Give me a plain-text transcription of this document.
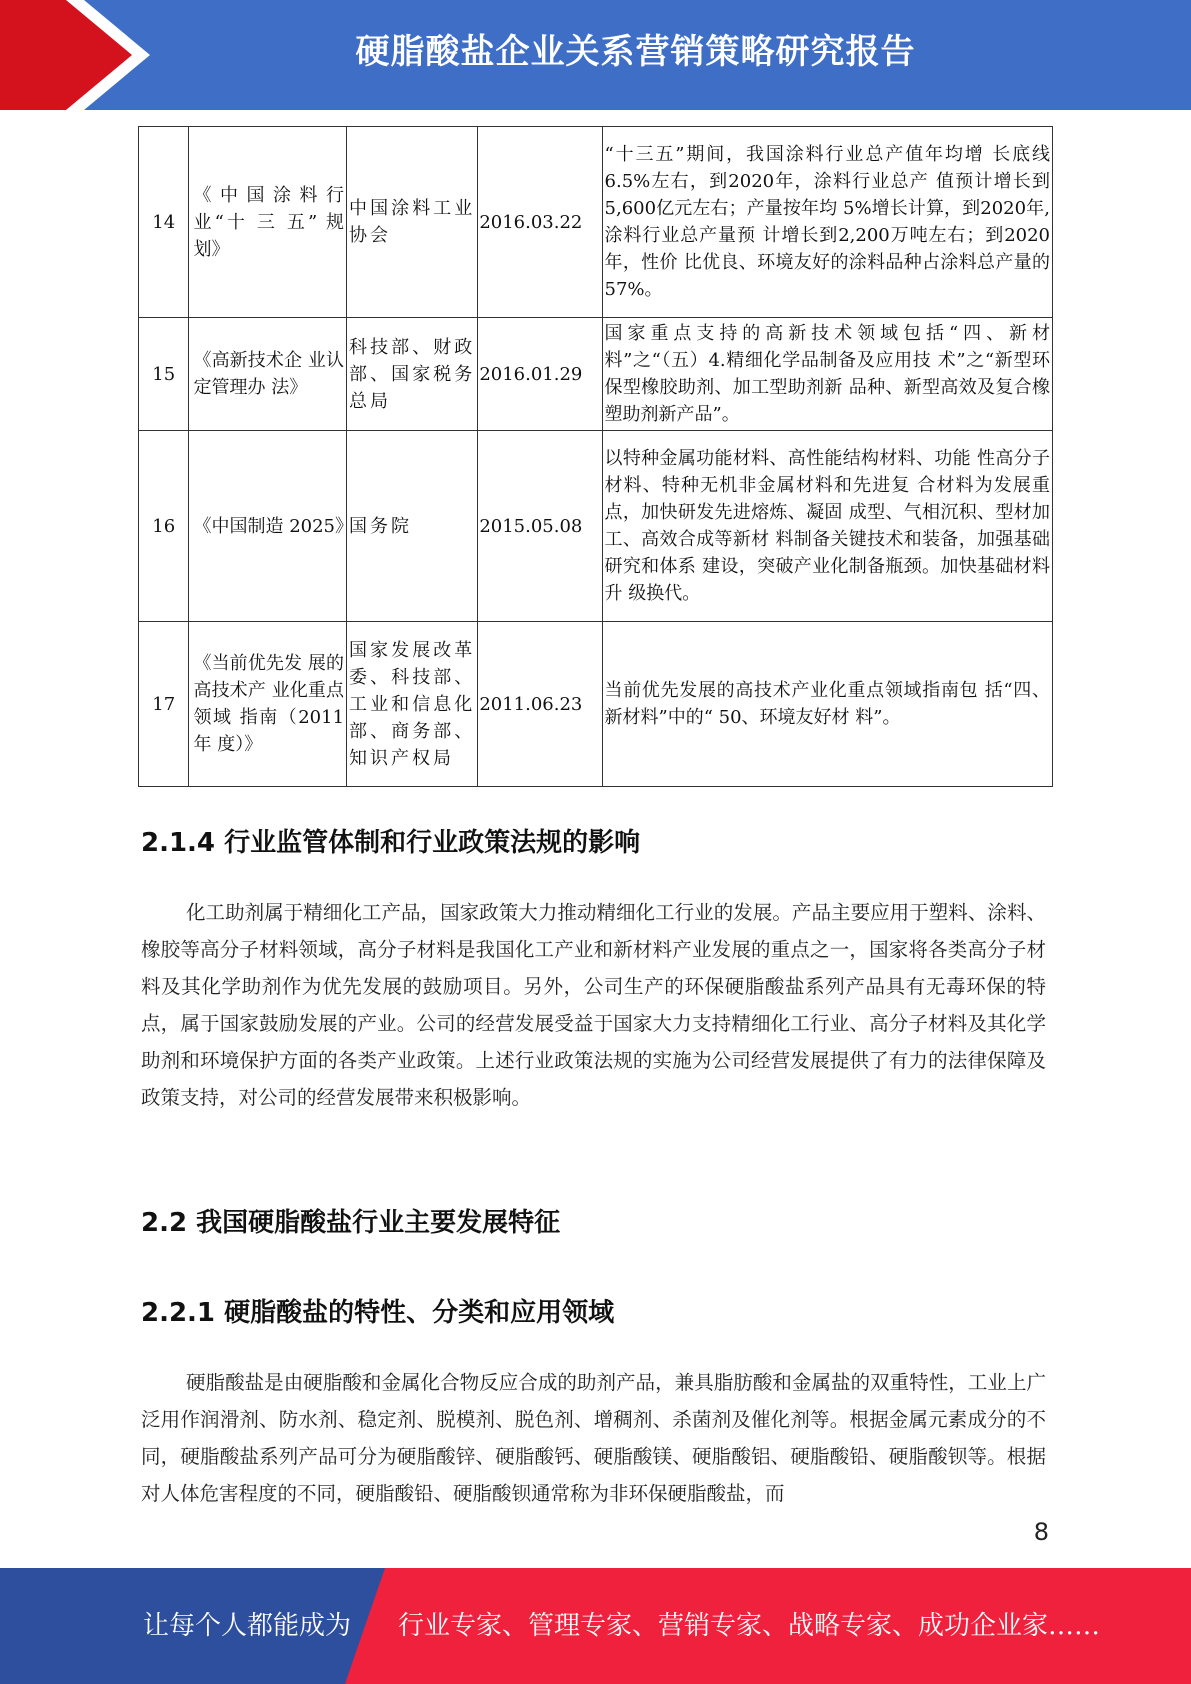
硬脂酸盐企业关系营销策略研究报告
14	《中国涂料行 业“十 三 五” 规划》	中国涂料工业协会	2016.03.22	“十三五”期间，我国涂料行业总产值年均增 长底线6.5%左右，到2020年，涂料行业总产 值预计增长到5,600亿元左右；产量按年均 5%增长计算，到2020年,涂料行业总产量预 计增长到2,200万吨左右；到2020年，性价 比优良、环境友好的涂料品种占涂料总产量的 57%。
15	《高新技术企 业认定管理办 法》	科技部、财政部、国家税务总局	2016.01.29	国家重点支持的高新技术领域包括“四、新材 料”之“（五）4.精细化学品制备及应用技 术”之“新型环保型橡胶助剂、加工型助剂新 品种、新型高效及复合橡塑助剂新产品”。
16	《中国制造 2025》	国务院	2015.05.08	以特种金属功能材料、高性能结构材料、功能 性高分子材料、特种无机非金属材料和先进复 合材料为发展重点，加快研发先进熔炼、凝固 成型、气相沉积、型材加工、高效合成等新材 料制备关键技术和装备，加强基础研究和体系 建设，突破产业化制备瓶颈。加快基础材料升 级换代。
17	《当前优先发 展的高技术产 业化重点领域 指南（2011年 度）》	国家发展改革委、科技部、工业和信息化部、商务部、知识产权局	2011.06.23	当前优先发展的高技术产业化重点领域指南包 括“四、新材料”中的“ 50、环境友好材 料”。
2.1.4 行业监管体制和行业政策法规的影响
化工助剂属于精细化工产品，国家政策大力推动精细化工行业的发展。产品主要应用于塑料、涂料、橡胶等高分子材料领域，高分子材料是我国化工产业和新材料产业发展的重点之一，国家将各类高分子材料及其化学助剂作为优先发展的鼓励项目。另外，公司生产的环保硬脂酸盐系列产品具有无毒环保的特点，属于国家鼓励发展的产业。公司的经营发展受益于国家大力支持精细化工行业、高分子材料及其化学助剂和环境保护方面的各类产业政策。上述行业政策法规的实施为公司经营发展提供了有力的法律保障及政策支持，对公司的经营发展带来积极影响。
2.2 我国硬脂酸盐行业主要发展特征
2.2.1 硬脂酸盐的特性、分类和应用领域
硬脂酸盐是由硬脂酸和金属化合物反应合成的助剂产品，兼具脂肪酸和金属盐的双重特性，工业上广泛用作润滑剂、防水剂、稳定剂、脱模剂、脱色剂、增稠剂、杀菌剂及催化剂等。根据金属元素成分的不同，硬脂酸盐系列产品可分为硬脂酸锌、硬脂酸钙、硬脂酸镁、硬脂酸铝、硬脂酸铅、硬脂酸钡等。根据对人体危害程度的不同，硬脂酸铅、硬脂酸钡通常称为非环保硬脂酸盐，而
8
让每个人都能成为 行业专家、管理专家、营销专家、战略专家、成功企业家……
